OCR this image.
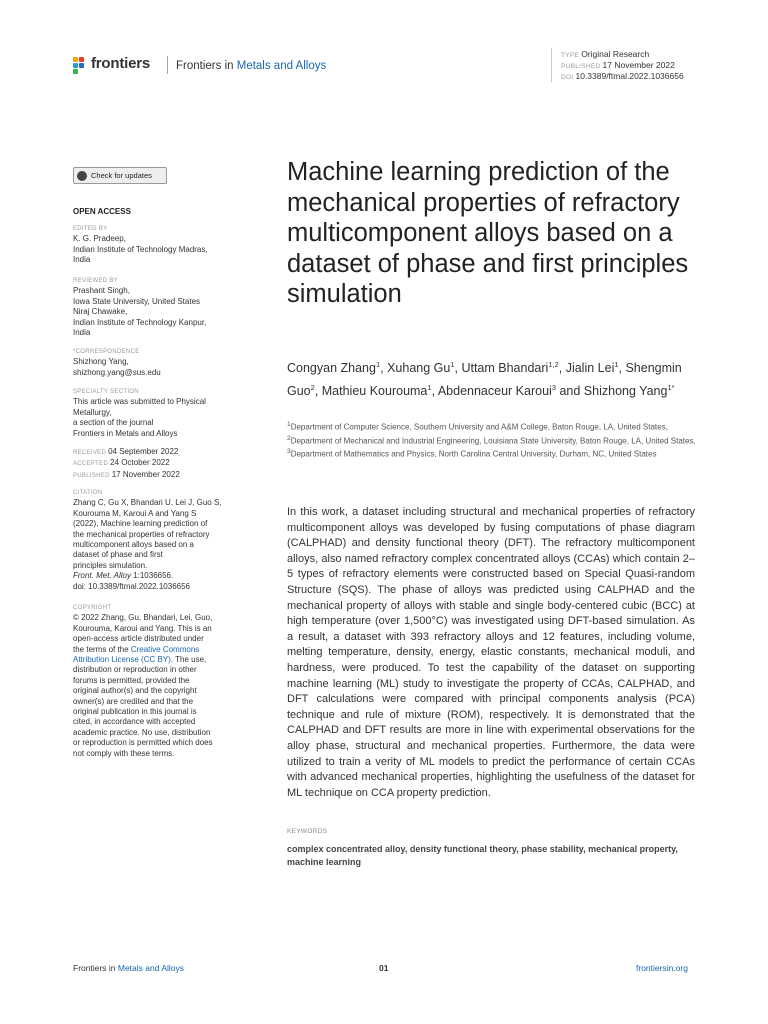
frontiers Frontiers in Metals and Alloys
TYPE Original Research
PUBLISHED 17 November 2022
DOI 10.3389/ftmal.2022.1036656
Check for updates
OPEN ACCESS
EDITED BY
K. G. Pradeep,
Indian Institute of Technology Madras,
India
REVIEWED BY
Prashant Singh,
Iowa State University, United States
Niraj Chawake,
Indian Institute of Technology Kanpur,
India
*CORRESPONDENCE
Shizhong Yang,
shizhong.yang@sus.edu
SPECIALTY SECTION
This article was submitted to Physical
Metallurgy,
a section of the journal
Frontiers in Metals and Alloys
RECEIVED 04 September 2022
ACCEPTED 24 October 2022
PUBLISHED 17 November 2022
CITATION
Zhang C, Gu X, Bhandari U, Lei J, Guo S,
Kourouma M, Karoui A and Yang S
(2022), Machine learning prediction of
the mechanical properties of refractory
multicomponent alloys based on a
dataset of phase and first
principles simulation.
Front. Met. Alloy 1:1036656.
doi: 10.3389/ftmal.2022.1036656
COPYRIGHT
© 2022 Zhang, Gu, Bhandari, Lei, Guo,
Kourouma, Karoui and Yang. This is an
open-access article distributed under
the terms of the Creative Commons
Attribution License (CC BY). The use,
distribution or reproduction in other
forums is permitted, provided the
original author(s) and the copyright
owner(s) are credited and that the
original publication in this journal is
cited, in accordance with accepted
academic practice. No use, distribution
or reproduction is permitted which does
not comply with these terms.
Machine learning prediction of the mechanical properties of refractory multicomponent alloys based on a dataset of phase and first principles simulation
Congyan Zhang$^1$, Xuhang Gu$^1$, Uttam Bhandari$^{1,2}$, Jialin Lei$^1$, Shengmin Guo$^2$, Mathieu Kourouma$^1$, Abdennaceur Karoui$^3$ and Shizhong Yang$^{1*}$
$^1$Department of Computer Science, Southern University and A&M College, Baton Rouge, LA, United States, $^2$Department of Mechanical and Industrial Engineering, Louisiana State University, Baton Rouge, LA, United States, $^3$Department of Mathematics and Physics, North Carolina Central University, Durham, NC, United States
In this work, a dataset including structural and mechanical properties of refractory multicomponent alloys was developed by fusing computations of phase diagram (CALPHAD) and density functional theory (DFT). The refractory multicomponent alloys, also named refractory complex concentrated alloys (CCAs) which contain 2–5 types of refractory elements were constructed based on Special Quasi-random Structure (SQS). The phase of alloys was predicted using CALPHAD and the mechanical property of alloys with stable and single body-centered cubic (BCC) at high temperature (over 1,500°C) was investigated using DFT-based simulation. As a result, a dataset with 393 refractory alloys and 12 features, including volume, melting temperature, density, energy, elastic constants, mechanical moduli, and hardness, were produced. To test the capability of the dataset on supporting machine learning (ML) study to investigate the property of CCAs, CALPHAD, and DFT calculations were compared with principal components analysis (PCA) technique and rule of mixture (ROM), respectively. It is demonstrated that the CALPHAD and DFT results are more in line with experimental observations for the alloy phase, structural and mechanical properties. Furthermore, the data were utilized to train a verity of ML models to predict the performance of certain CCAs with advanced mechanical properties, highlighting the usefulness of the dataset for ML technique on CCA property prediction.
KEYWORDS
complex concentrated alloy, density functional theory, phase stability, mechanical property, machine learning
Frontiers in Metals and Alloys	01	frontiersin.org
